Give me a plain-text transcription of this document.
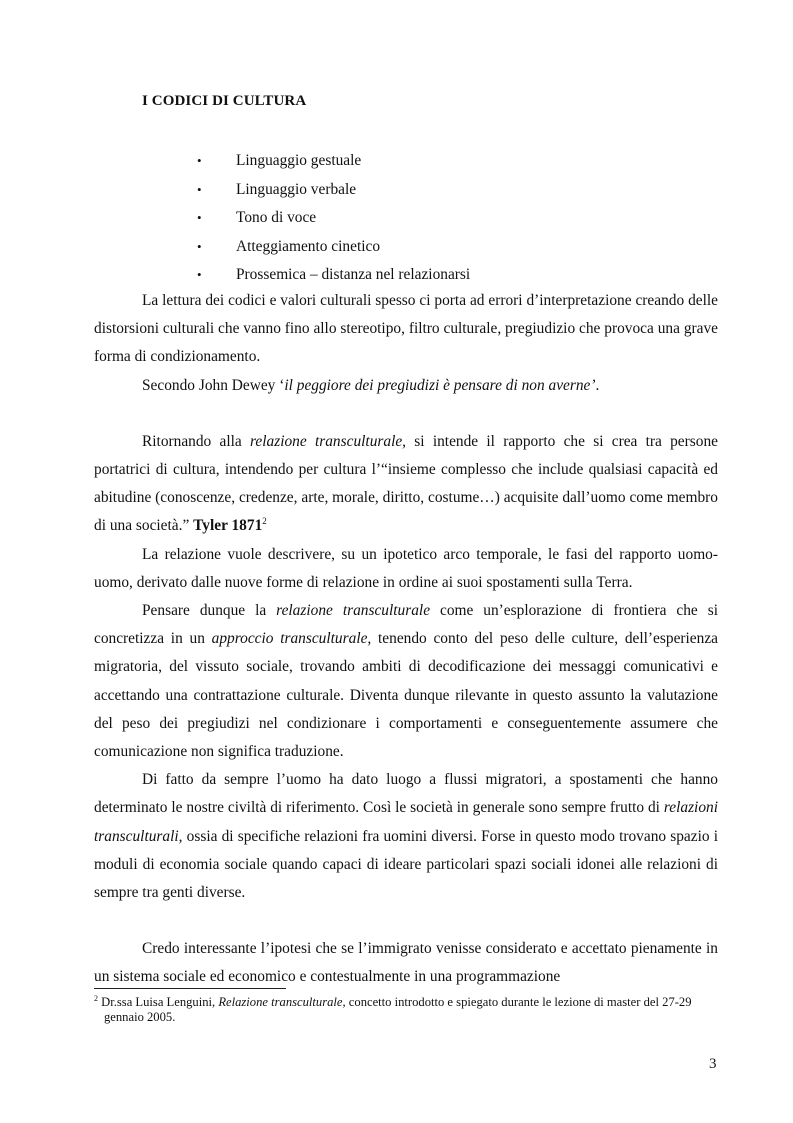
I CODICI DI CULTURA
• Linguaggio gestuale
• Linguaggio verbale
• Tono di voce
• Atteggiamento cinetico
• Prossemica – distanza nel relazionarsi

La lettura dei codici e valori culturali spesso ci porta ad errori d’interpretazione creando delle distorsioni culturali che vanno fino allo stereotipo, filtro culturale, pregiudizio che provoca una grave forma di condizionamento.

Secondo John Dewey ‘il peggiore dei pregiudizi è pensare di non averne’.

Ritornando alla relazione transculturale, si intende il rapporto che si crea tra persone portatrici di cultura, intendendo per cultura l’“insieme complesso che include qualsiasi capacità ed abitudine (conoscenze, credenze, arte, morale, diritto, costume…) acquisite dall’uomo come membro di una società.” Tyler 1871$^2$

La relazione vuole descrivere, su un ipotetico arco temporale, le fasi del rapporto uomo-uomo, derivato dalle nuove forme di relazione in ordine ai suoi spostamenti sulla Terra.

Pensare dunque la relazione transculturale come un’esplorazione di frontiera che si concretizza in un approccio transculturale, tenendo conto del peso delle culture, dell’esperienza migratoria, del vissuto sociale, trovando ambiti di decodificazione dei messaggi comunicativi e accettando una contrattazione culturale. Diventa dunque rilevante in questo assunto la valutazione del peso dei pregiudizi nel condizionare i comportamenti e conseguentemente assumere che comunicazione non significa traduzione.

Di fatto da sempre l’uomo ha dato luogo a flussi migratori, a spostamenti che hanno determinato le nostre civiltà di riferimento. Così le società in generale sono sempre frutto di relazioni transculturali, ossia di specifiche relazioni fra uomini diversi. Forse in questo modo trovano spazio i moduli di economia sociale quando capaci di ideare particolari spazi sociali idonei alle relazioni di sempre tra genti diverse.

Credo interessante l’ipotesi che se l’immigrato venisse considerato e accettato pienamente in un sistema sociale ed economico e contestualmente in una programmazione

$^2$ Dr.ssa Luisa Lenguini, Relazione transculturale, concetto introdotto e spiegato durante le lezione di master del 27-29 gennaio 2005.
3
